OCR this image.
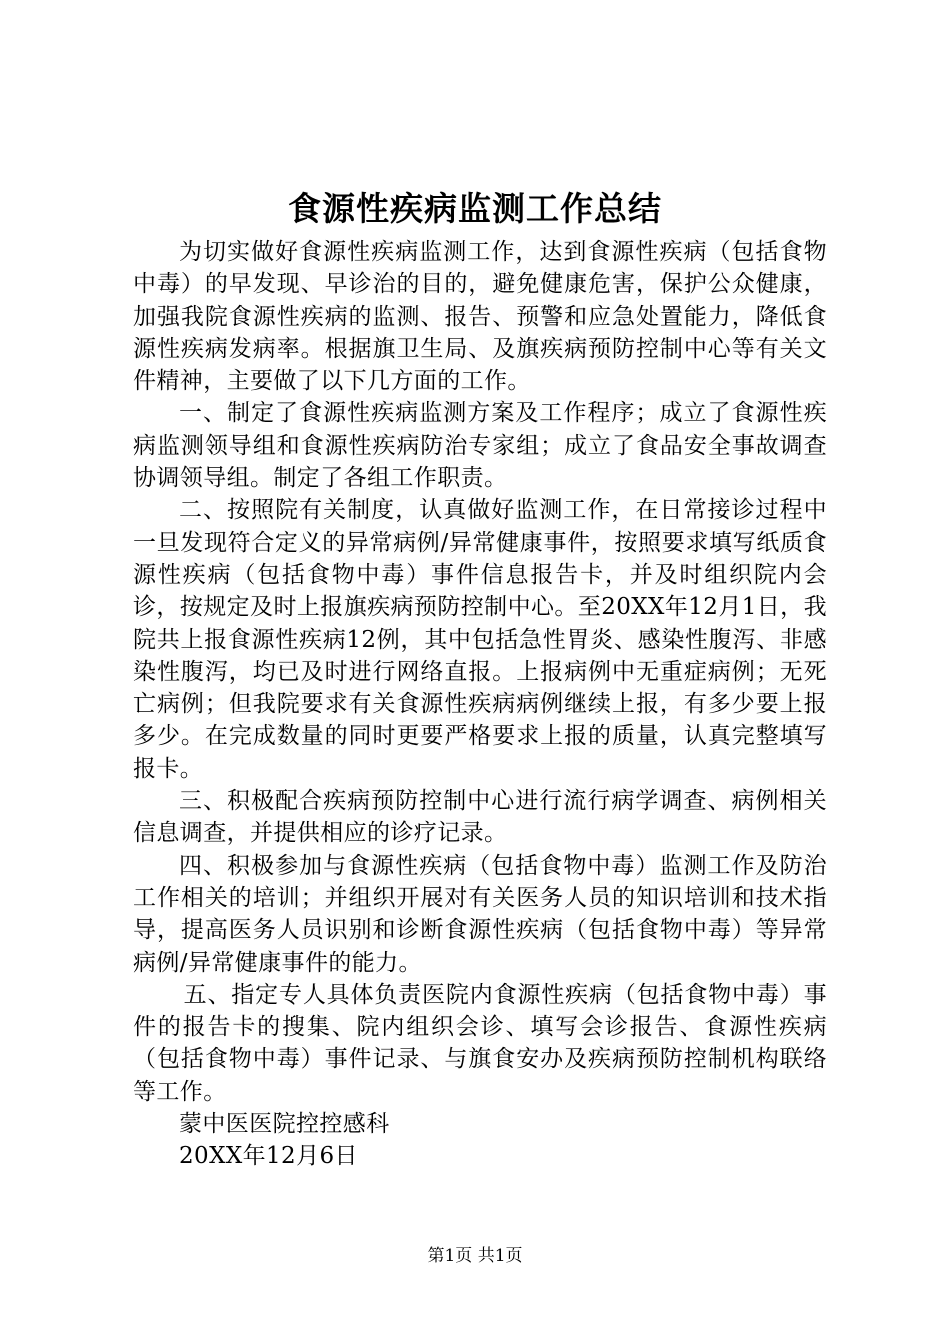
食源性疾病监测工作总结

为切实做好食源性疾病监测工作，达到食源性疾病（包括食物中毒）的早发现、早诊治的目的，避免健康危害，保护公众健康，加强我院食源性疾病的监测、报告、预警和应急处置能力，降低食源性疾病发病率。根据旗卫生局、及旗疾病预防控制中心等有关文件精神，主要做了以下几方面的工作。

一、制定了食源性疾病监测方案及工作程序；成立了食源性疾病监测领导组和食源性疾病防治专家组；成立了食品安全事故调查协调领导组。制定了各组工作职责。

二、按照院有关制度，认真做好监测工作，在日常接诊过程中一旦发现符合定义的异常病例/异常健康事件，按照要求填写纸质食源性疾病（包括食物中毒）事件信息报告卡，并及时组织院内会诊，按规定及时上报旗疾病预防控制中心。至20XX年12月1日，我院共上报食源性疾病12例，其中包括急性胃炎、感染性腹泻、非感染性腹泻，均已及时进行网络直报。上报病例中无重症病例；无死亡病例；但我院要求有关食源性疾病病例继续上报，有多少要上报多少。在完成数量的同时更要严格要求上报的质量，认真完整填写报卡。

三、积极配合疾病预防控制中心进行流行病学调查、病例相关信息调查，并提供相应的诊疗记录。

四、积极参加与食源性疾病（包括食物中毒）监测工作及防治工作相关的培训；并组织开展对有关医务人员的知识培训和技术指导，提高医务人员识别和诊断食源性疾病（包括食物中毒）等异常病例/异常健康事件的能力。

五、指定专人具体负责医院内食源性疾病（包括食物中毒）事件的报告卡的搜集、院内组织会诊、填写会诊报告、食源性疾病（包括食物中毒）事件记录、与旗食安办及疾病预防控制机构联络等工作。

蒙中医医院控控感科
20XX年12月6日
第1页 共1页
